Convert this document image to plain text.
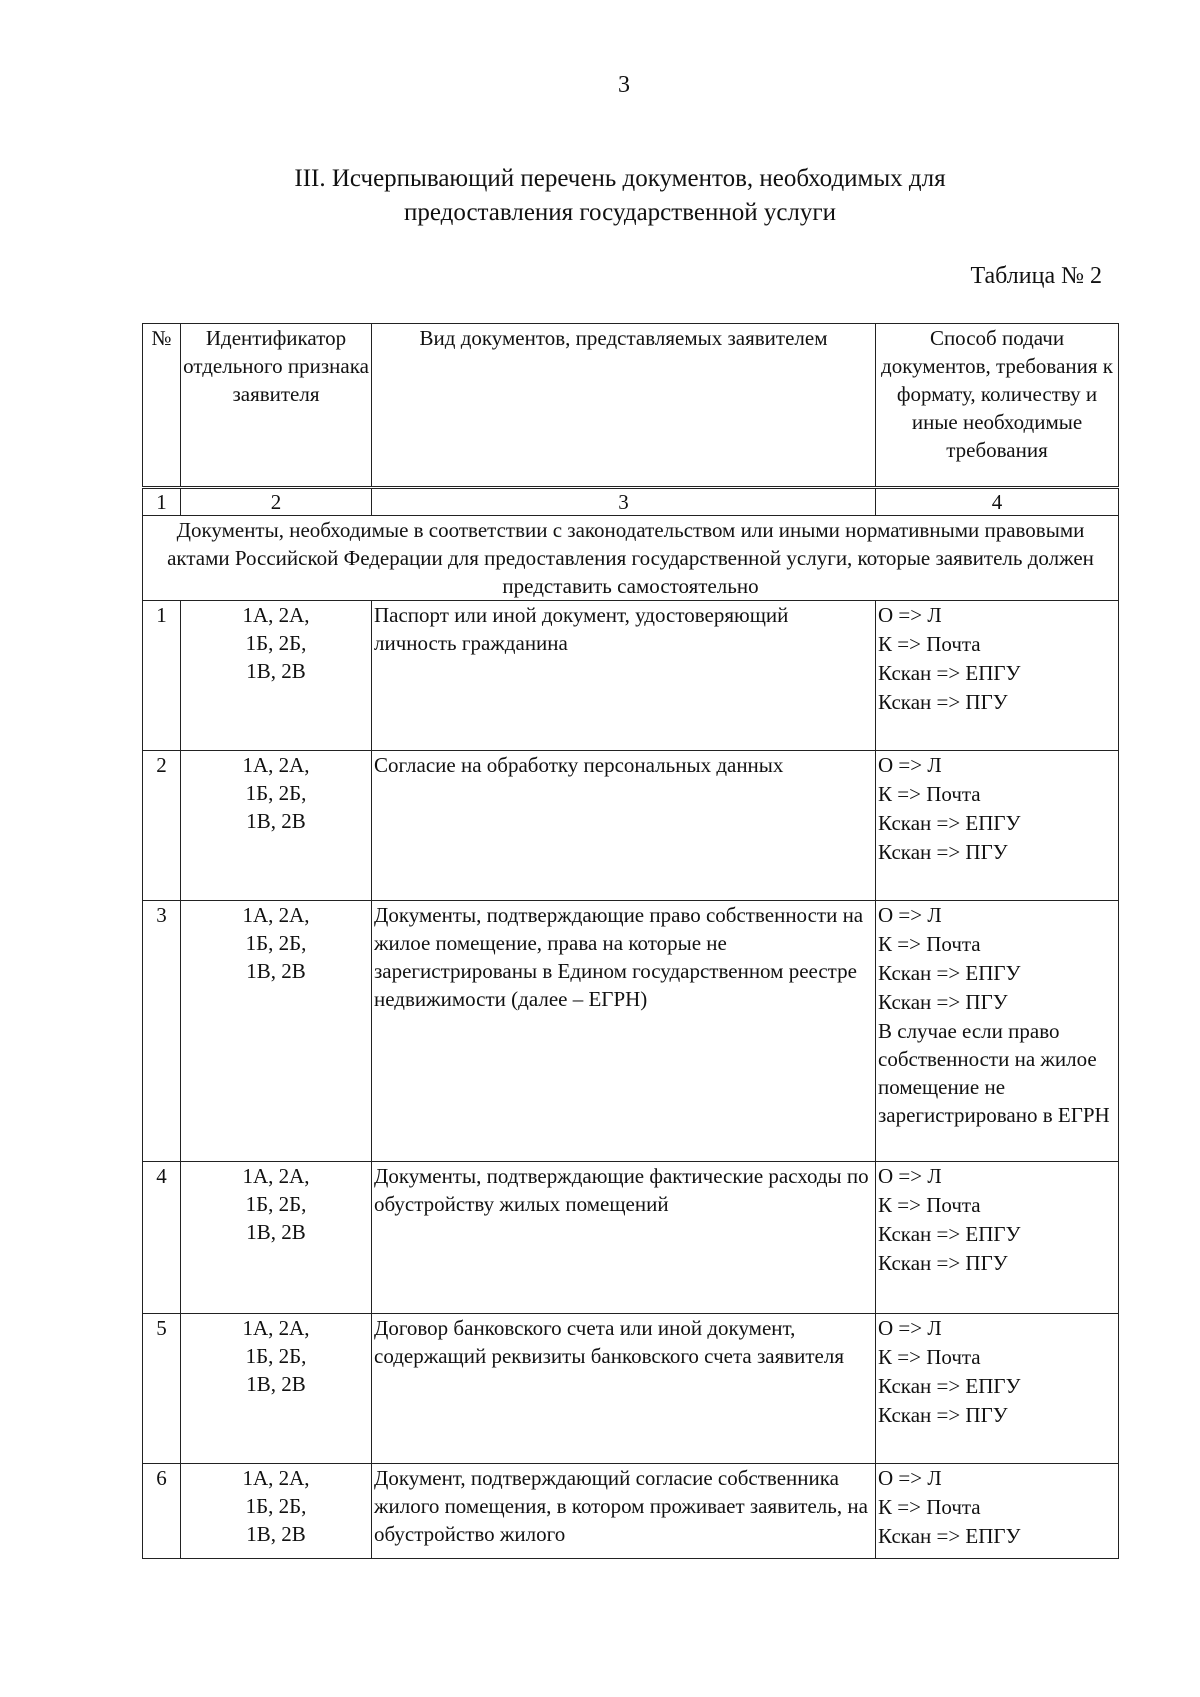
3
III. Исчерпывающий перечень документов, необходимых для
предоставления государственной услуги
Таблица № 2
№	Идентификатор отдельного признака заявителя	Вид документов, представляемых заявителем	Способ подачи документов, требования к формату, количеству и иные необходимые требования
1	2	3	4
Документы, необходимые в соответствии с законодательством или иными нормативными правовыми актами Российской Федерации для предоставления государственной услуги, которые заявитель должен представить самостоятельно			
1	1А, 2А,
1Б, 2Б,
1В, 2В	Паспорт или иной документ, удостоверяющий личность гражданина	О => Л
К => Почта
Кскан => ЕПГУ
Кскан => ПГУ

2	1А, 2А,
1Б, 2Б,
1В, 2В	Согласие на обработку персональных данных	О => Л
К => Почта
Кскан => ЕПГУ
Кскан => ПГУ

3	1А, 2А,
1Б, 2Б,
1В, 2В	Документы, подтверждающие право собственности на жилое помещение, права на которые не зарегистрированы в Едином государственном реестре недвижимости (далее – ЕГРН)	О => Л
К => Почта
Кскан => ЕПГУ
Кскан => ПГУ
В случае если право собственности на жилое помещение не зарегистрировано в ЕГРН

4	1А, 2А,
1Б, 2Б,
1В, 2В	Документы, подтверждающие фактические расходы по обустройству жилых помещений	О => Л
К => Почта
Кскан => ЕПГУ
Кскан => ПГУ

5	1А, 2А,
1Б, 2Б,
1В, 2В	Договор банковского счета или иной документ, содержащий реквизиты банковского счета заявителя	О => Л
К => Почта
Кскан => ЕПГУ
Кскан => ПГУ

6	1А, 2А,
1Б, 2Б,
1В, 2В	Документ, подтверждающий согласие собственника жилого помещения, в котором проживает заявитель, на обустройство жилого	О => Л
К => Почта
Кскан => ЕПГУ
